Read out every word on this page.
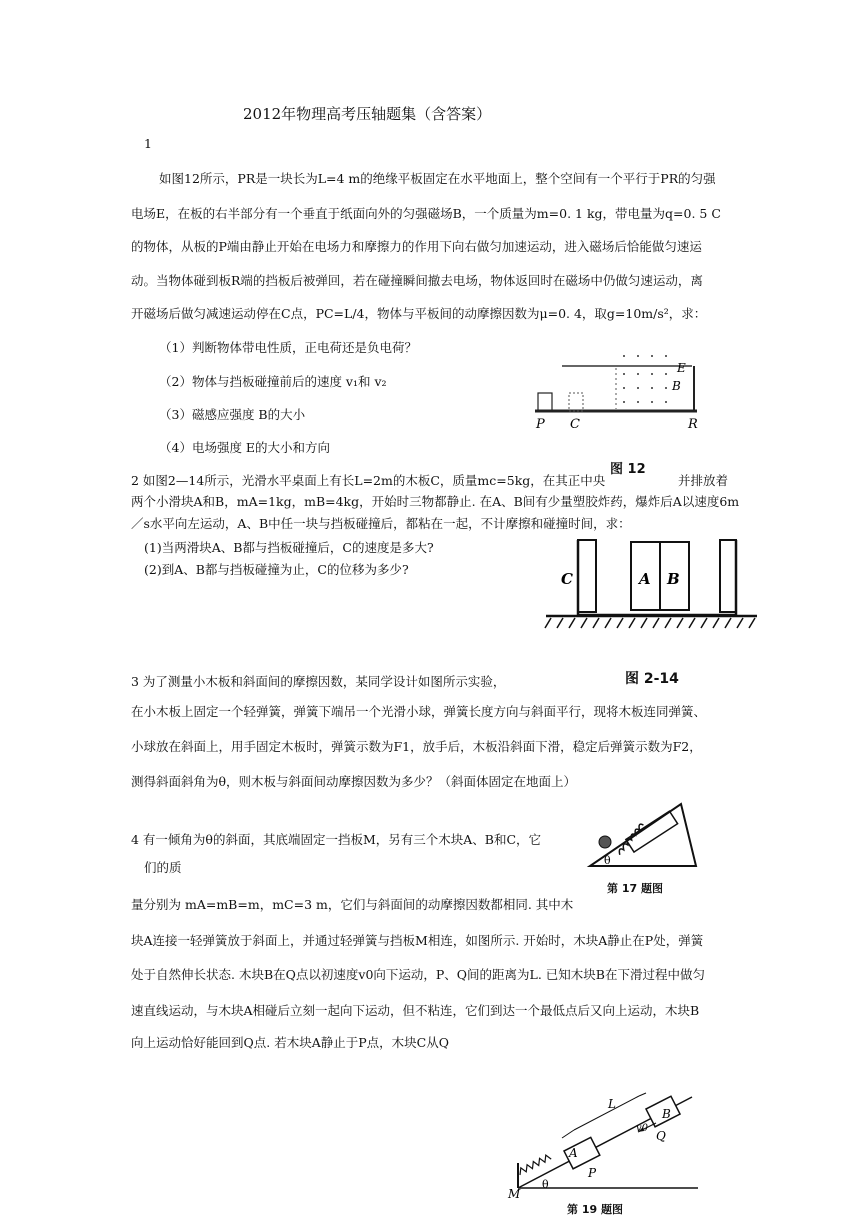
2012年物理高考压轴题集（含答案）
1
如图12所示，PR是一块长为L=4 m的绝缘平板固定在水平地面上，整个空间有一个平行于PR的匀强
电场E，在板的右半部分有一个垂直于纸面向外的匀强磁场B，一个质量为m=0. 1 kg，带电量为q=0. 5 C
的物体，从板的P端由静止开始在电场力和摩擦力的作用下向右做匀加速运动，进入磁场后恰能做匀速运
动。当物体碰到板R端的挡板后被弹回，若在碰撞瞬间撤去电场，物体返回时在磁场中仍做匀速运动，离
开磁场后做匀减速运动停在C点，PC=L/4，物体与平板间的动摩擦因数为μ=0. 4，取g=10m/s²，求：
（1）判断物体带电性质，正电荷还是负电荷？
（2）物体与挡板碰撞前后的速度 v₁和 v₂
（3）磁感应强度 B的大小
（4）电场强度 E的大小和方向
P C	R
E
B
图 12
2 如图2—14所示，光滑水平桌面上有长L=2m的木板C，质量mc=5kg，在其正中央	并排放着
两个小滑块A和B，mA=1kg，mB=4kg，开始时三物都静止. 在A、B间有少量塑胶炸药，爆炸后A以速度6m
／s水平向左运动，A、B中任一块与挡板碰撞后，都粘在一起，不计摩擦和碰撞时间，求：
(1)当两滑块A、B都与挡板碰撞后，C的速度是多大?
(2)到A、B都与挡板碰撞为止，C的位移为多少?
C	A B
图 2-14
3 为了测量小木板和斜面间的摩擦因数，某同学设计如图所示实验，
在小木板上固定一个轻弹簧，弹簧下端吊一个光滑小球，弹簧长度方向与斜面平行，现将木板连同弹簧、
小球放在斜面上，用手固定木板时，弹簧示数为F1，放手后，木板沿斜面下滑，稳定后弹簧示数为F2，
测得斜面斜角为θ，则木板与斜面间动摩擦因数为多少？（斜面体固定在地面上）
θ
第 17 题图
4 有一倾角为θ的斜面，其底端固定一挡板M，另有三个木块A、B和C，它
们的质
量分别为 mA=mB=m，mC=3 m，它们与斜面间的动摩擦因数都相同. 其中木
块A连接一轻弹簧放于斜面上，并通过轻弹簧与挡板M相连，如图所示. 开始时，木块A静止在P处，弹簧
处于自然伸长状态. 木块B在Q点以初速度v0向下运动，P、Q间的距离为L. 已知木块B在下滑过程中做匀
速直线运动，与木块A相碰后立刻一起向下运动，但不粘连，它们到达一个最低点后又向上运动，木块B
向上运动恰好能回到Q点. 若木块A静止于P点，木块C从Q
L
B
v0
Q
A
P
M
θ
第 19 题图
